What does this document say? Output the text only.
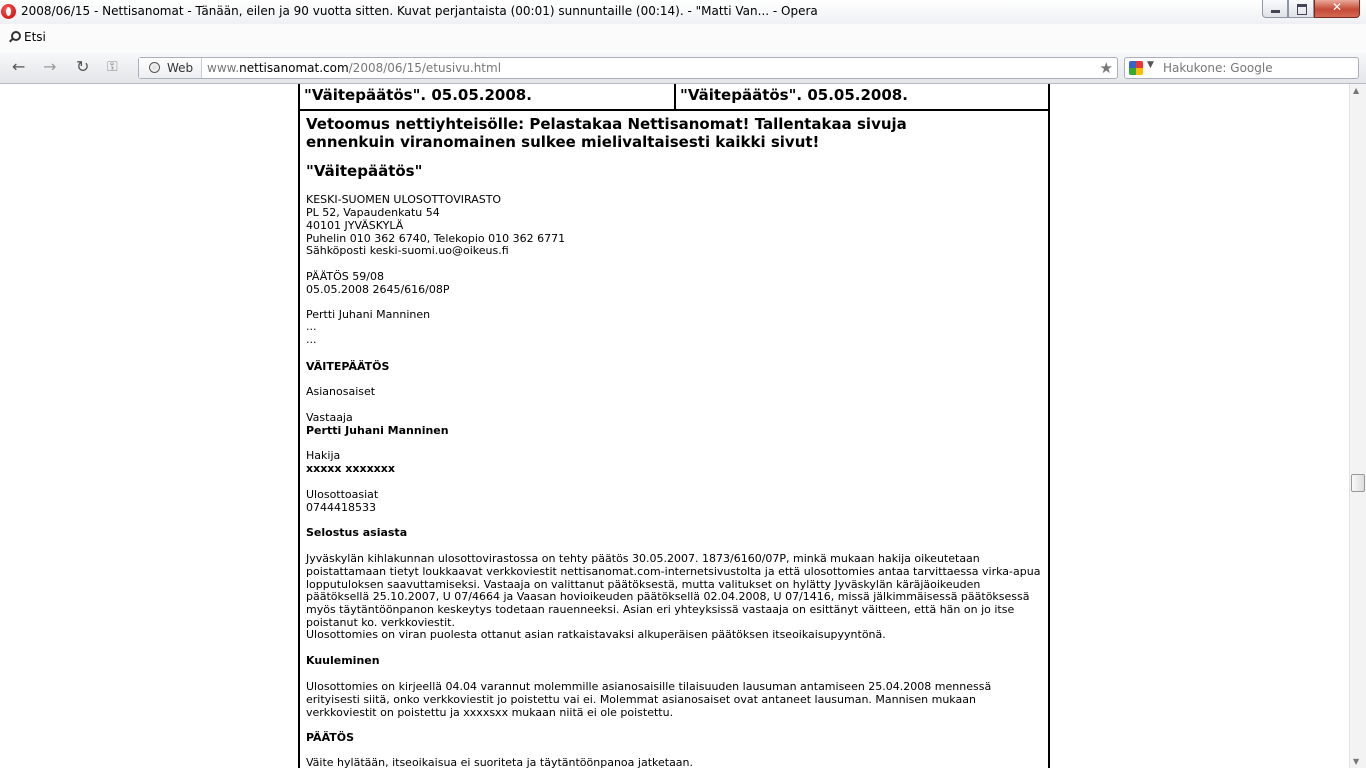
2008/06/15 - Nettisanomat - Tänään, eilen ja 90 vuotta sitten. Kuvat perjantaista (00:01) sunnuntaille (00:14). - "Matti Van... - Opera
✕
Etsi
← → ↻ ⚿	Web www.nettisanomat.com/2008/06/15/etusivu.html	★	▼ Hakukone: Google
"Väitepäätös". 05.05.2008.	"Väitepäätös". 05.05.2008.
Vetoomus nettiyhteisölle: Pelastakaa Nettisanomat! Tallentakaa sivuja ennenkuin viranomainen sulkee mielivaltaisesti kaikki sivut!
"Väitepäätös"
KESKI-SUOMEN ULOSOTTOVIRASTO
PL 52, Vapaudenkatu 54
40101 JYVÄSKYLÄ
Puhelin 010 362 6740, Telekopio 010 362 6771
Sähköposti keski-suomi.uo@oikeus.fi
PÄÄTÖS 59/08
05.05.2008 2645/616/08P
Pertti Juhani Manninen
...
...
VÄITEPÄÄTÖS
Asianosaiset
Vastaaja
Pertti Juhani Manninen
Hakija
xxxxx xxxxxxx
Ulosottoasiat
0744418533
Selostus asiasta
Jyväskylän kihlakunnan ulosottovirastossa on tehty päätös 30.05.2007. 1873/6160/07P, minkä mukaan hakija oikeutetaan poistattamaan tietyt loukkaavat verkkoviestit nettisanomat.com-internetsivustolta ja että ulosottomies antaa tarvittaessa virka-apua lopputuloksen saavuttamiseksi. Vastaaja on valittanut päätöksestä, mutta valitukset on hylätty Jyväskylän käräjäoikeuden päätöksellä 25.10.2007, U 07/4664 ja Vaasan hovioikeuden päätöksellä 02.04.2008, U 07/1416, missä jälkimmäisessä päätöksessä myös täytäntöönpanon keskeytys todetaan rauenneeksi. Asian eri yhteyksissä vastaaja on esittänyt väitteen, että hän on jo itse poistanut ko. verkkoviestit.
Ulosottomies on viran puolesta ottanut asian ratkaistavaksi alkuperäisen päätöksen itseoikaisupyyntönä.
Kuuleminen
Ulosottomies on kirjeellä 04.04 varannut molemmille asianosaisille tilaisuuden lausuman antamiseen 25.04.2008 mennessä erityisesti siitä, onko verkkoviestit jo poistettu vai ei. Molemmat asianosaiset ovat antaneet lausuman. Mannisen mukaan verkkoviestit on poistettu ja xxxxsxx mukaan niitä ei ole poistettu.
PÄÄTÖS
Väite hylätään, itseoikaisua ei suoriteta ja täytäntöönpanoa jatketaan.
▲
▼
